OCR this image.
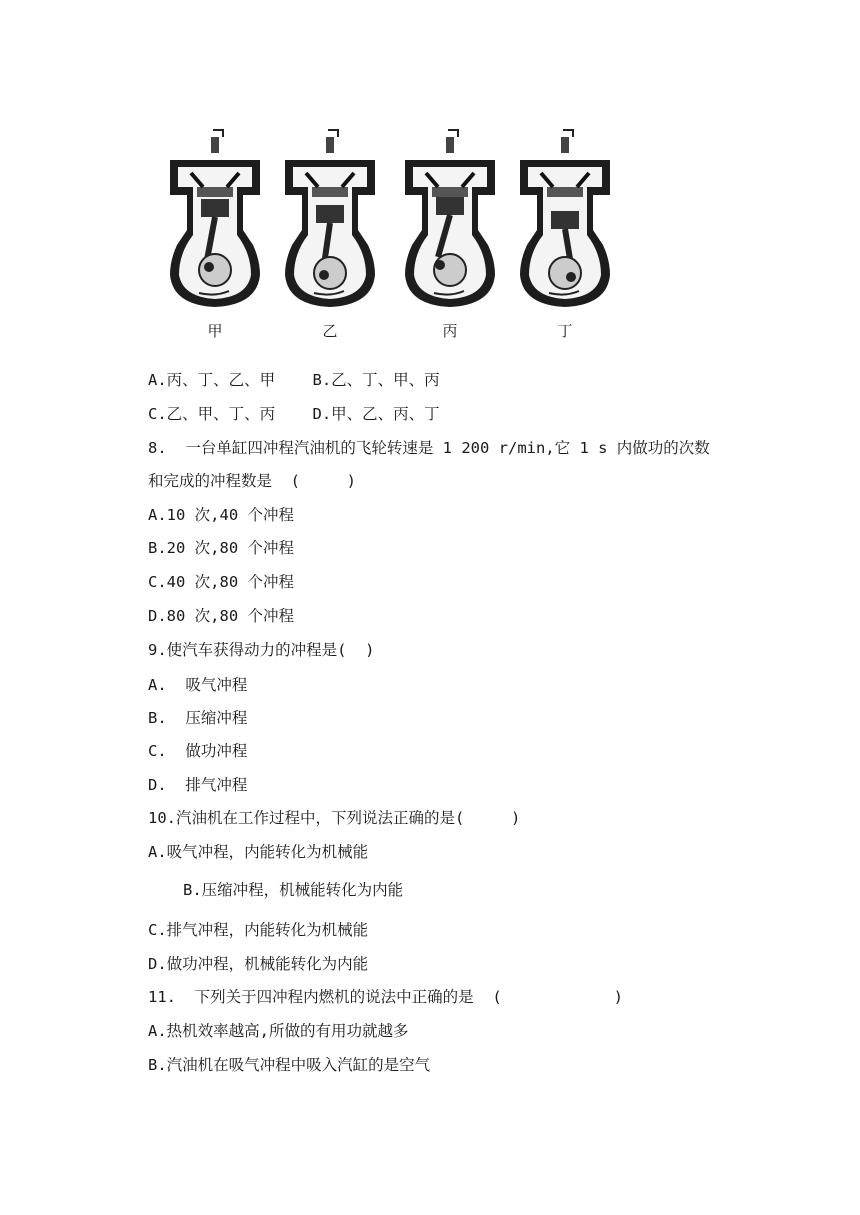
甲	乙	丙	丁
A.丙、丁、乙、甲    B.乙、丁、甲、丙
C.乙、甲、丁、丙    D.甲、乙、丙、丁
8.  一台单缸四冲程汽油机的飞轮转速是 1 200 r/min,它 1 s 内做功的次数
和完成的冲程数是  (     )
A.10 次,40 个冲程
B.20 次,80 个冲程
C.40 次,80 个冲程
D.80 次,80 个冲程
9.使汽车获得动力的冲程是(  )
A.  吸气冲程
B.  压缩冲程
C.  做功冲程
D.  排气冲程
10.汽油机在工作过程中，下列说法正确的是(     )
A.吸气冲程，内能转化为机械能
B.压缩冲程，机械能转化为内能
C.排气冲程，内能转化为机械能
D.做功冲程，机械能转化为内能
11.  下列关于四冲程内燃机的说法中正确的是  (            )
A.热机效率越高,所做的有用功就越多
B.汽油机在吸气冲程中吸入汽缸的是空气
